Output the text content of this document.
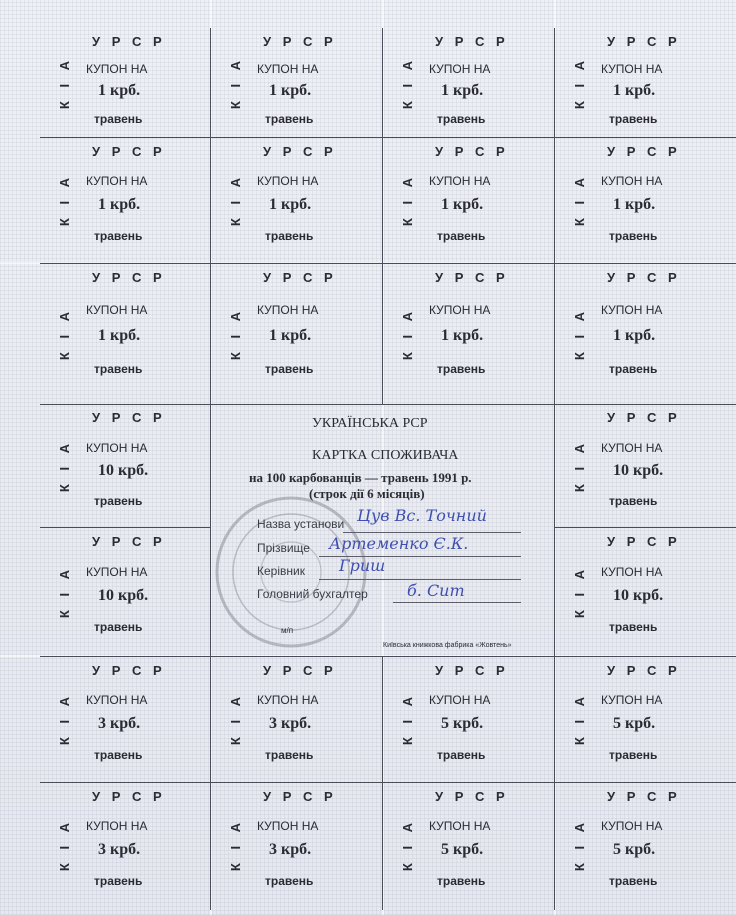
У Р С Р
КУПОН НА
1 крб.
травень
К І А
У Р С Р
КУПОН НА
1 крб.
травень
К І А
У Р С Р
КУПОН НА
1 крб.
травень
К І А
У Р С Р
КУПОН НА
1 крб.
травень
К І А
У Р С Р
КУПОН НА
1 крб.
травень
К І А
У Р С Р
КУПОН НА
1 крб.
травень
К І А
У Р С Р
КУПОН НА
1 крб.
травень
К І А
У Р С Р
КУПОН НА
1 крб.
травень
К І А
У Р С Р
КУПОН НА
1 крб.
травень
К І А
У Р С Р
КУПОН НА
1 крб.
травень
К І А
У Р С Р
КУПОН НА
1 крб.
травень
К І А
У Р С Р
КУПОН НА
1 крб.
травень
К І А
У Р С Р
КУПОН НА
10 крб.
травень
К І А
У Р С Р
КУПОН НА
10 крб.
травень
К І А
У Р С Р
КУПОН НА
10 крб.
травень
К І А
У Р С Р
КУПОН НА
10 крб.
травень
К І А
У Р С Р
КУПОН НА
3 крб.
травень
К І А
У Р С Р
КУПОН НА
3 крб.
травень
К І А
У Р С Р
КУПОН НА
5 крб.
травень
К І А
У Р С Р
КУПОН НА
5 крб.
травень
К І А
У Р С Р
КУПОН НА
3 крб.
травень
К І А
У Р С Р
КУПОН НА
3 крб.
травень
К І А
У Р С Р
КУПОН НА
5 крб.
травень
К І А
У Р С Р
КУПОН НА
5 крб.
травень
К І А
УКРАЇНСЬКА РСР
КАРТКА СПОЖИВАЧА
на 100 карбованців — травень 1991 р.
(строк дії 6 місяців)
Назва установи Цув Вс. Точний
Прізвище Артеменко Є.К.
Керівник Гриш
Головний бухгалтер б. Сит
м/п
Київська книжкова фабрика «Жовтень»
